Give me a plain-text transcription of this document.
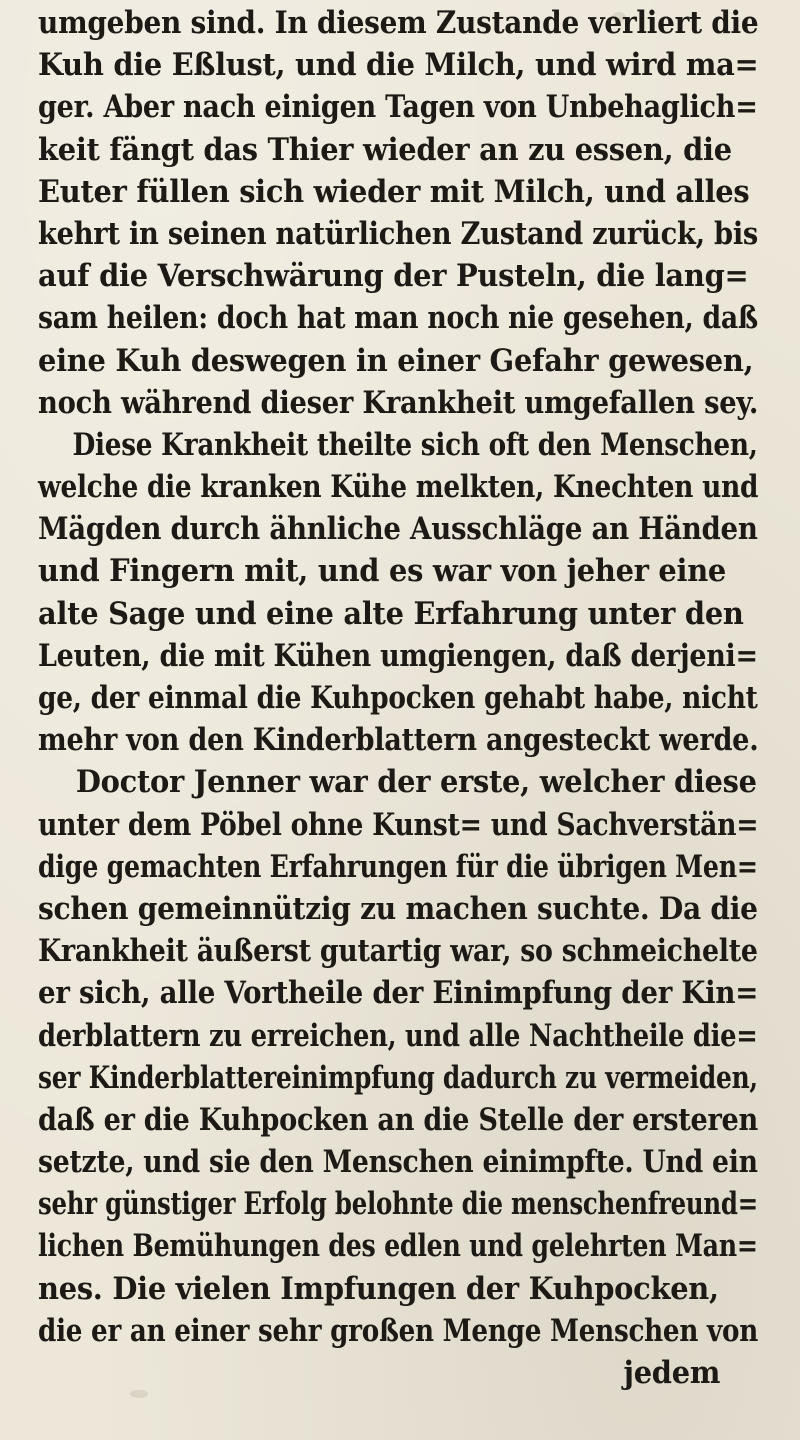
umgeben sind. In diesem Zustande verliert die
Kuh die Eßlust, und die Milch, und wird ma=
ger. Aber nach einigen Tagen von Unbehaglich=
keit fängt das Thier wieder an zu essen, die
Euter füllen sich wieder mit Milch, und alles
kehrt in seinen natürlichen Zustand zurück, bis
auf die Verschwärung der Pusteln, die lang=
sam heilen: doch hat man noch nie gesehen, daß
eine Kuh deswegen in einer Gefahr gewesen,
noch während dieser Krankheit umgefallen sey.
Diese Krankheit theilte sich oft den Menschen,
welche die kranken Kühe melkten, Knechten und
Mägden durch ähnliche Ausschläge an Händen
und Fingern mit, und es war von jeher eine
alte Sage und eine alte Erfahrung unter den
Leuten, die mit Kühen umgiengen, daß derjeni=
ge, der einmal die Kuhpocken gehabt habe, nicht
mehr von den Kinderblattern angesteckt werde.
Doctor Jenner war der erste, welcher diese
unter dem Pöbel ohne Kunst= und Sachverstän=
dige gemachten Erfahrungen für die übrigen Men=
schen gemeinnützig zu machen suchte. Da die
Krankheit äußerst gutartig war, so schmeichelte
er sich, alle Vortheile der Einimpfung der Kin=
derblattern zu erreichen, und alle Nachtheile die=
ser Kinderblattereinimpfung dadurch zu vermeiden,
daß er die Kuhpocken an die Stelle der ersteren
setzte, und sie den Menschen einimpfte. Und ein
sehr günstiger Erfolg belohnte die menschenfreund=
lichen Bemühungen des edlen und gelehrten Man=
nes. Die vielen Impfungen der Kuhpocken,
die er an einer sehr großen Menge Menschen von
jedem
